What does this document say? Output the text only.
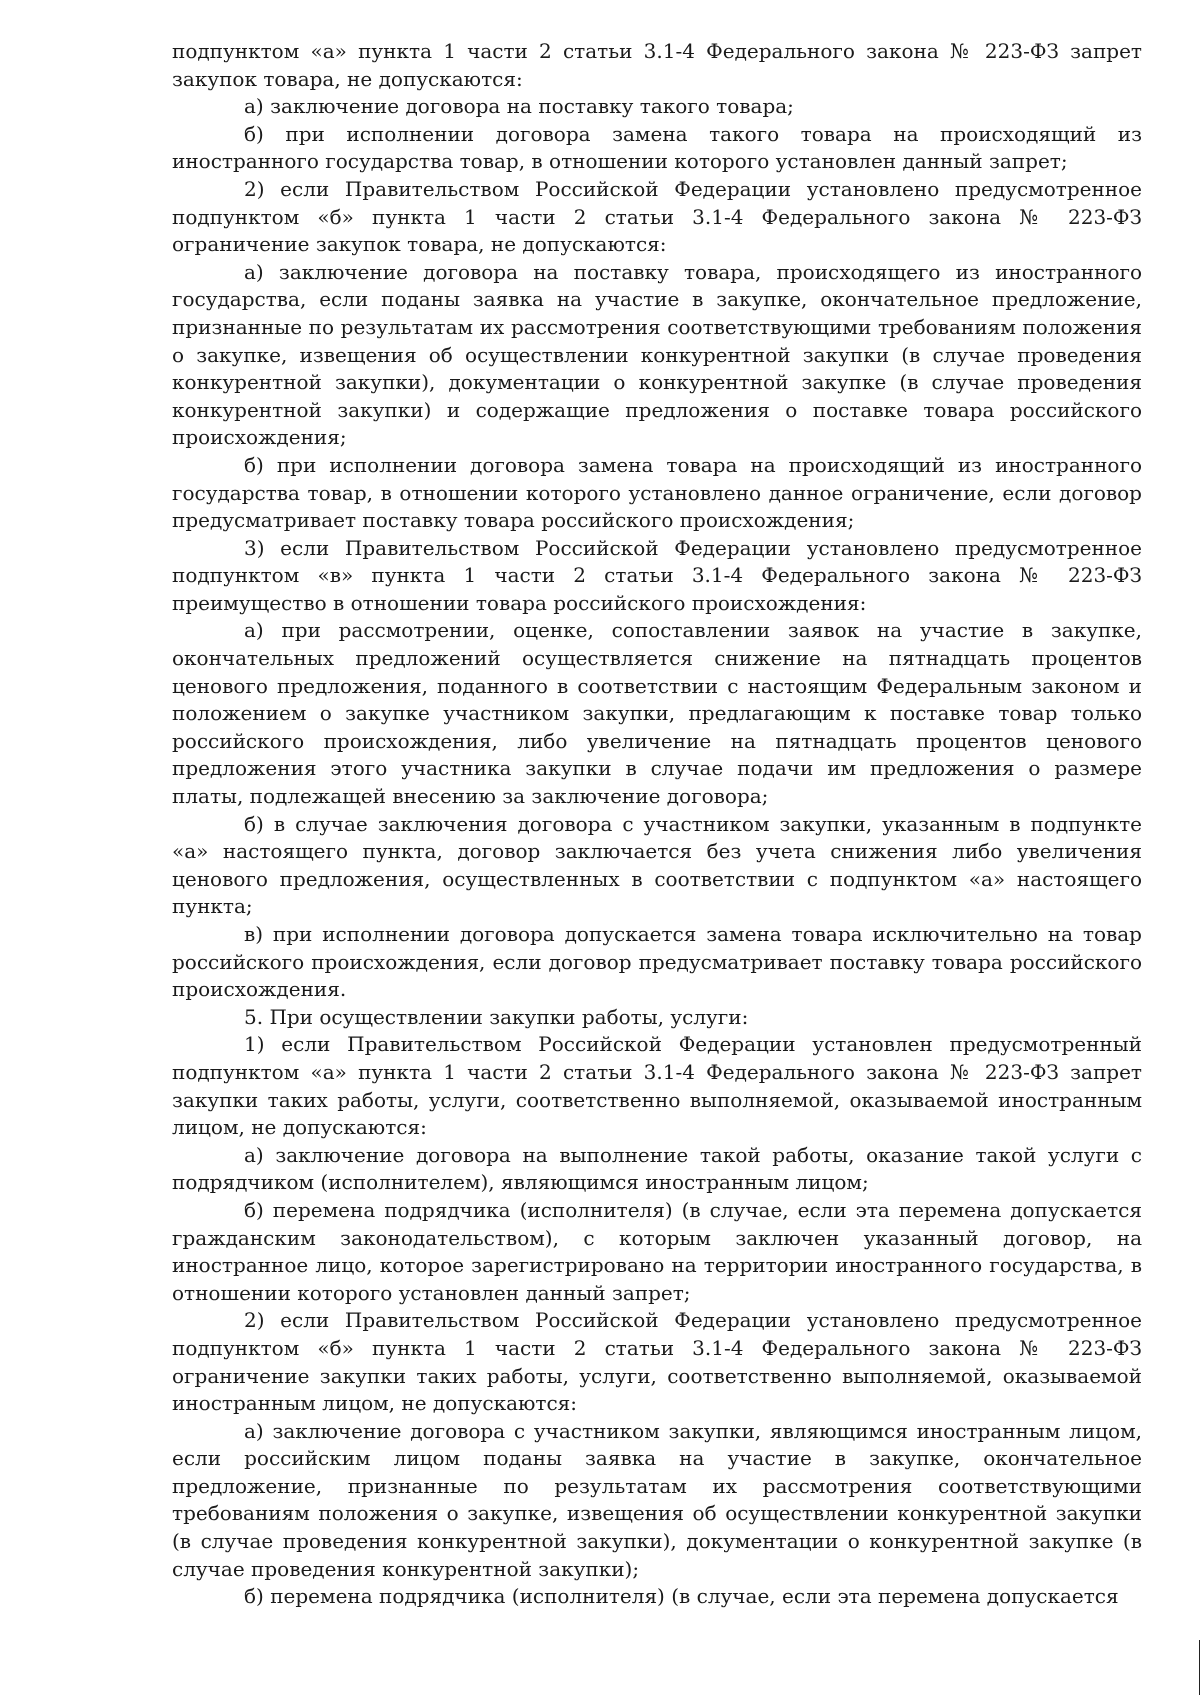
подпунктом «а» пункта 1 части 2 статьи 3.1-4 Федерального закона № 223-ФЗ запрет закупок товара, не допускаются:

а) заключение договора на поставку такого товара;

б) при исполнении договора замена такого товара на происходящий из иностранного государства товар, в отношении которого установлен данный запрет;

2) если Правительством Российской Федерации установлено предусмотренное подпунктом «б» пункта 1 части 2 статьи 3.1-4 Федерального закона № 223-ФЗ ограничение закупок товара, не допускаются:

а) заключение договора на поставку товара, происходящего из иностранного государства, если поданы заявка на участие в закупке, окончательное предложение, признанные по результатам их рассмотрения соответствующими требованиям положения о закупке, извещения об осуществлении конкурентной закупки (в случае проведения конкурентной закупки), документации о конкурентной закупке (в случае проведения конкурентной закупки) и содержащие предложения о поставке товара российского происхождения;

б) при исполнении договора замена товара на происходящий из иностранного государства товар, в отношении которого установлено данное ограничение, если договор предусматривает поставку товара российского происхождения;

3) если Правительством Российской Федерации установлено предусмотренное подпунктом «в» пункта 1 части 2 статьи 3.1-4 Федерального закона № 223-ФЗ преимущество в отношении товара российского происхождения:

а) при рассмотрении, оценке, сопоставлении заявок на участие в закупке, окончательных предложений осуществляется снижение на пятнадцать процентов ценового предложения, поданного в соответствии с настоящим Федеральным законом и положением о закупке участником закупки, предлагающим к поставке товар только российского происхождения, либо увеличение на пятнадцать процентов ценового предложения этого участника закупки в случае подачи им предложения о размере платы, подлежащей внесению за заключение договора;

б) в случае заключения договора с участником закупки, указанным в подпункте «а» настоящего пункта, договор заключается без учета снижения либо увеличения ценового предложения, осуществленных в соответствии с подпунктом «а» настоящего пункта;

в) при исполнении договора допускается замена товара исключительно на товар российского происхождения, если договор предусматривает поставку товара российского происхождения.

5. При осуществлении закупки работы, услуги:

1) если Правительством Российской Федерации установлен предусмотренный подпунктом «а» пункта 1 части 2 статьи 3.1-4 Федерального закона № 223-ФЗ запрет закупки таких работы, услуги, соответственно выполняемой, оказываемой иностранным лицом, не допускаются:

а) заключение договора на выполнение такой работы, оказание такой услуги с подрядчиком (исполнителем), являющимся иностранным лицом;

б) перемена подрядчика (исполнителя) (в случае, если эта перемена допускается гражданским законодательством), с которым заключен указанный договор, на иностранное лицо, которое зарегистрировано на территории иностранного государства, в отношении которого установлен данный запрет;

2) если Правительством Российской Федерации установлено предусмотренное подпунктом «б» пункта 1 части 2 статьи 3.1-4 Федерального закона № 223-ФЗ ограничение закупки таких работы, услуги, соответственно выполняемой, оказываемой иностранным лицом, не допускаются:

а) заключение договора с участником закупки, являющимся иностранным лицом, если российским лицом поданы заявка на участие в закупке, окончательное предложение, признанные по результатам их рассмотрения соответствующими требованиям положения о закупке, извещения об осуществлении конкурентной закупки (в случае проведения конкурентной закупки), документации о конкурентной закупке (в случае проведения конкурентной закупки);

б) перемена подрядчика (исполнителя) (в случае, если эта перемена допускается
